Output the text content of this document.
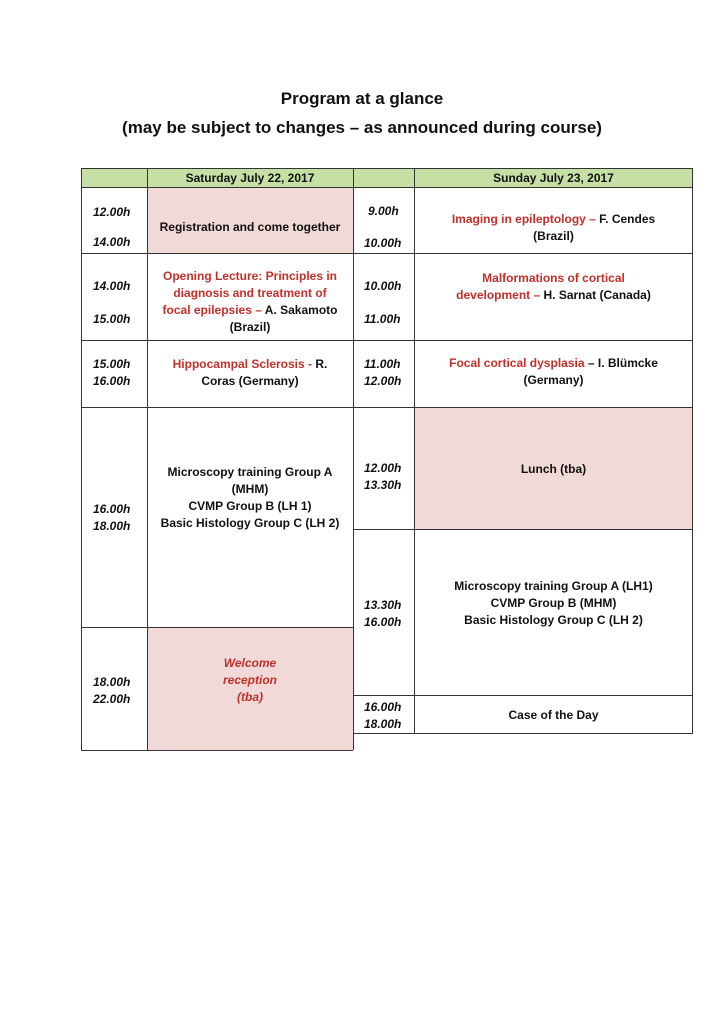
Program at a glance
(may be subject to changes – as announced during course)
Saturday July 22, 2017	Sunday July 23, 2017
12.00h
14.00h
14.00h
15.00h
15.00h
16.00h
16.00h
18.00h
18.00h
22.00h
Registration and come together
Opening Lecture: Principles in
diagnosis and treatment of
focal epilepsies – A. Sakamoto
(Brazil)
Hippocampal Sclerosis - R.
Coras (Germany)
Microscopy training Group A
(MHM)
CVMP Group B (LH 1)
Basic Histology Group C (LH 2)
Welcome
reception
(tba)
9.00h
10.00h
10.00h
11.00h
11.00h
12.00h
12.00h
13.30h
13.30h
16.00h
16.00h
18.00h
Imaging in epileptology – F. Cendes
(Brazil)
Malformations of cortical
development – H. Sarnat (Canada)
Focal cortical dysplasia – I. Blümcke
(Germany)
Lunch (tba)
Microscopy training Group A (LH1)
CVMP Group B (MHM)
Basic Histology Group C (LH 2)
Case of the Day
